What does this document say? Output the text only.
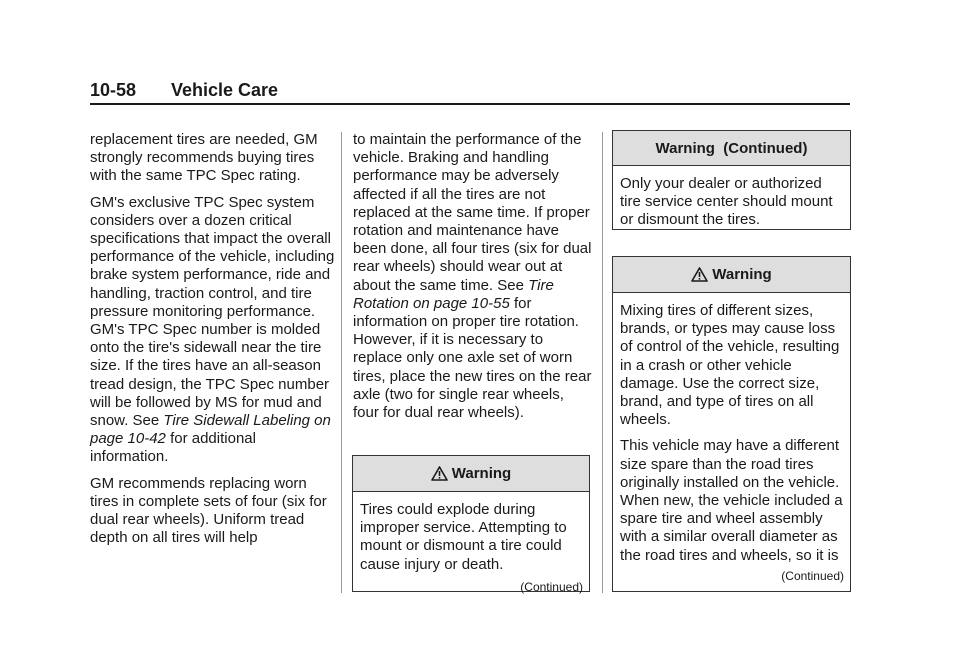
10-58 Vehicle Care

replacement tires are needed, GM strongly recommends buying tires with the same TPC Spec rating.

GM's exclusive TPC Spec system considers over a dozen critical specifications that impact the overall performance of the vehicle, including brake system performance, ride and handling, traction control, and tire pressure monitoring performance. GM's TPC Spec number is molded onto the tire's sidewall near the tire size. If the tires have an all-season tread design, the TPC Spec number will be followed by MS for mud and snow. See Tire Sidewall Labeling on page 10-42 for additional information.

GM recommends replacing worn tires in complete sets of four (six for dual rear wheels). Uniform tread depth on all tires will help

to maintain the performance of the vehicle. Braking and handling performance may be adversely affected if all the tires are not replaced at the same time. If proper rotation and maintenance have been done, all four tires (six for dual rear wheels) should wear out at about the same time. See Tire Rotation on page 10-55 for information on proper tire rotation. However, if it is necessary to replace only one axle set of worn tires, place the new tires on the rear axle (two for single rear wheels, four for dual rear wheels).

Warning

Tires could explode during improper service. Attempting to mount or dismount a tire could cause injury or death.

(Continued)
Warning  (Continued)

Only your dealer or authorized tire service center should mount or dismount the tires.

Warning

Mixing tires of different sizes, brands, or types may cause loss of control of the vehicle, resulting in a crash or other vehicle damage. Use the correct size, brand, and type of tires on all wheels.

This vehicle may have a different size spare than the road tires originally installed on the vehicle. When new, the vehicle included a spare tire and wheel assembly with a similar overall diameter as the road tires and wheels, so it is

(Continued)
